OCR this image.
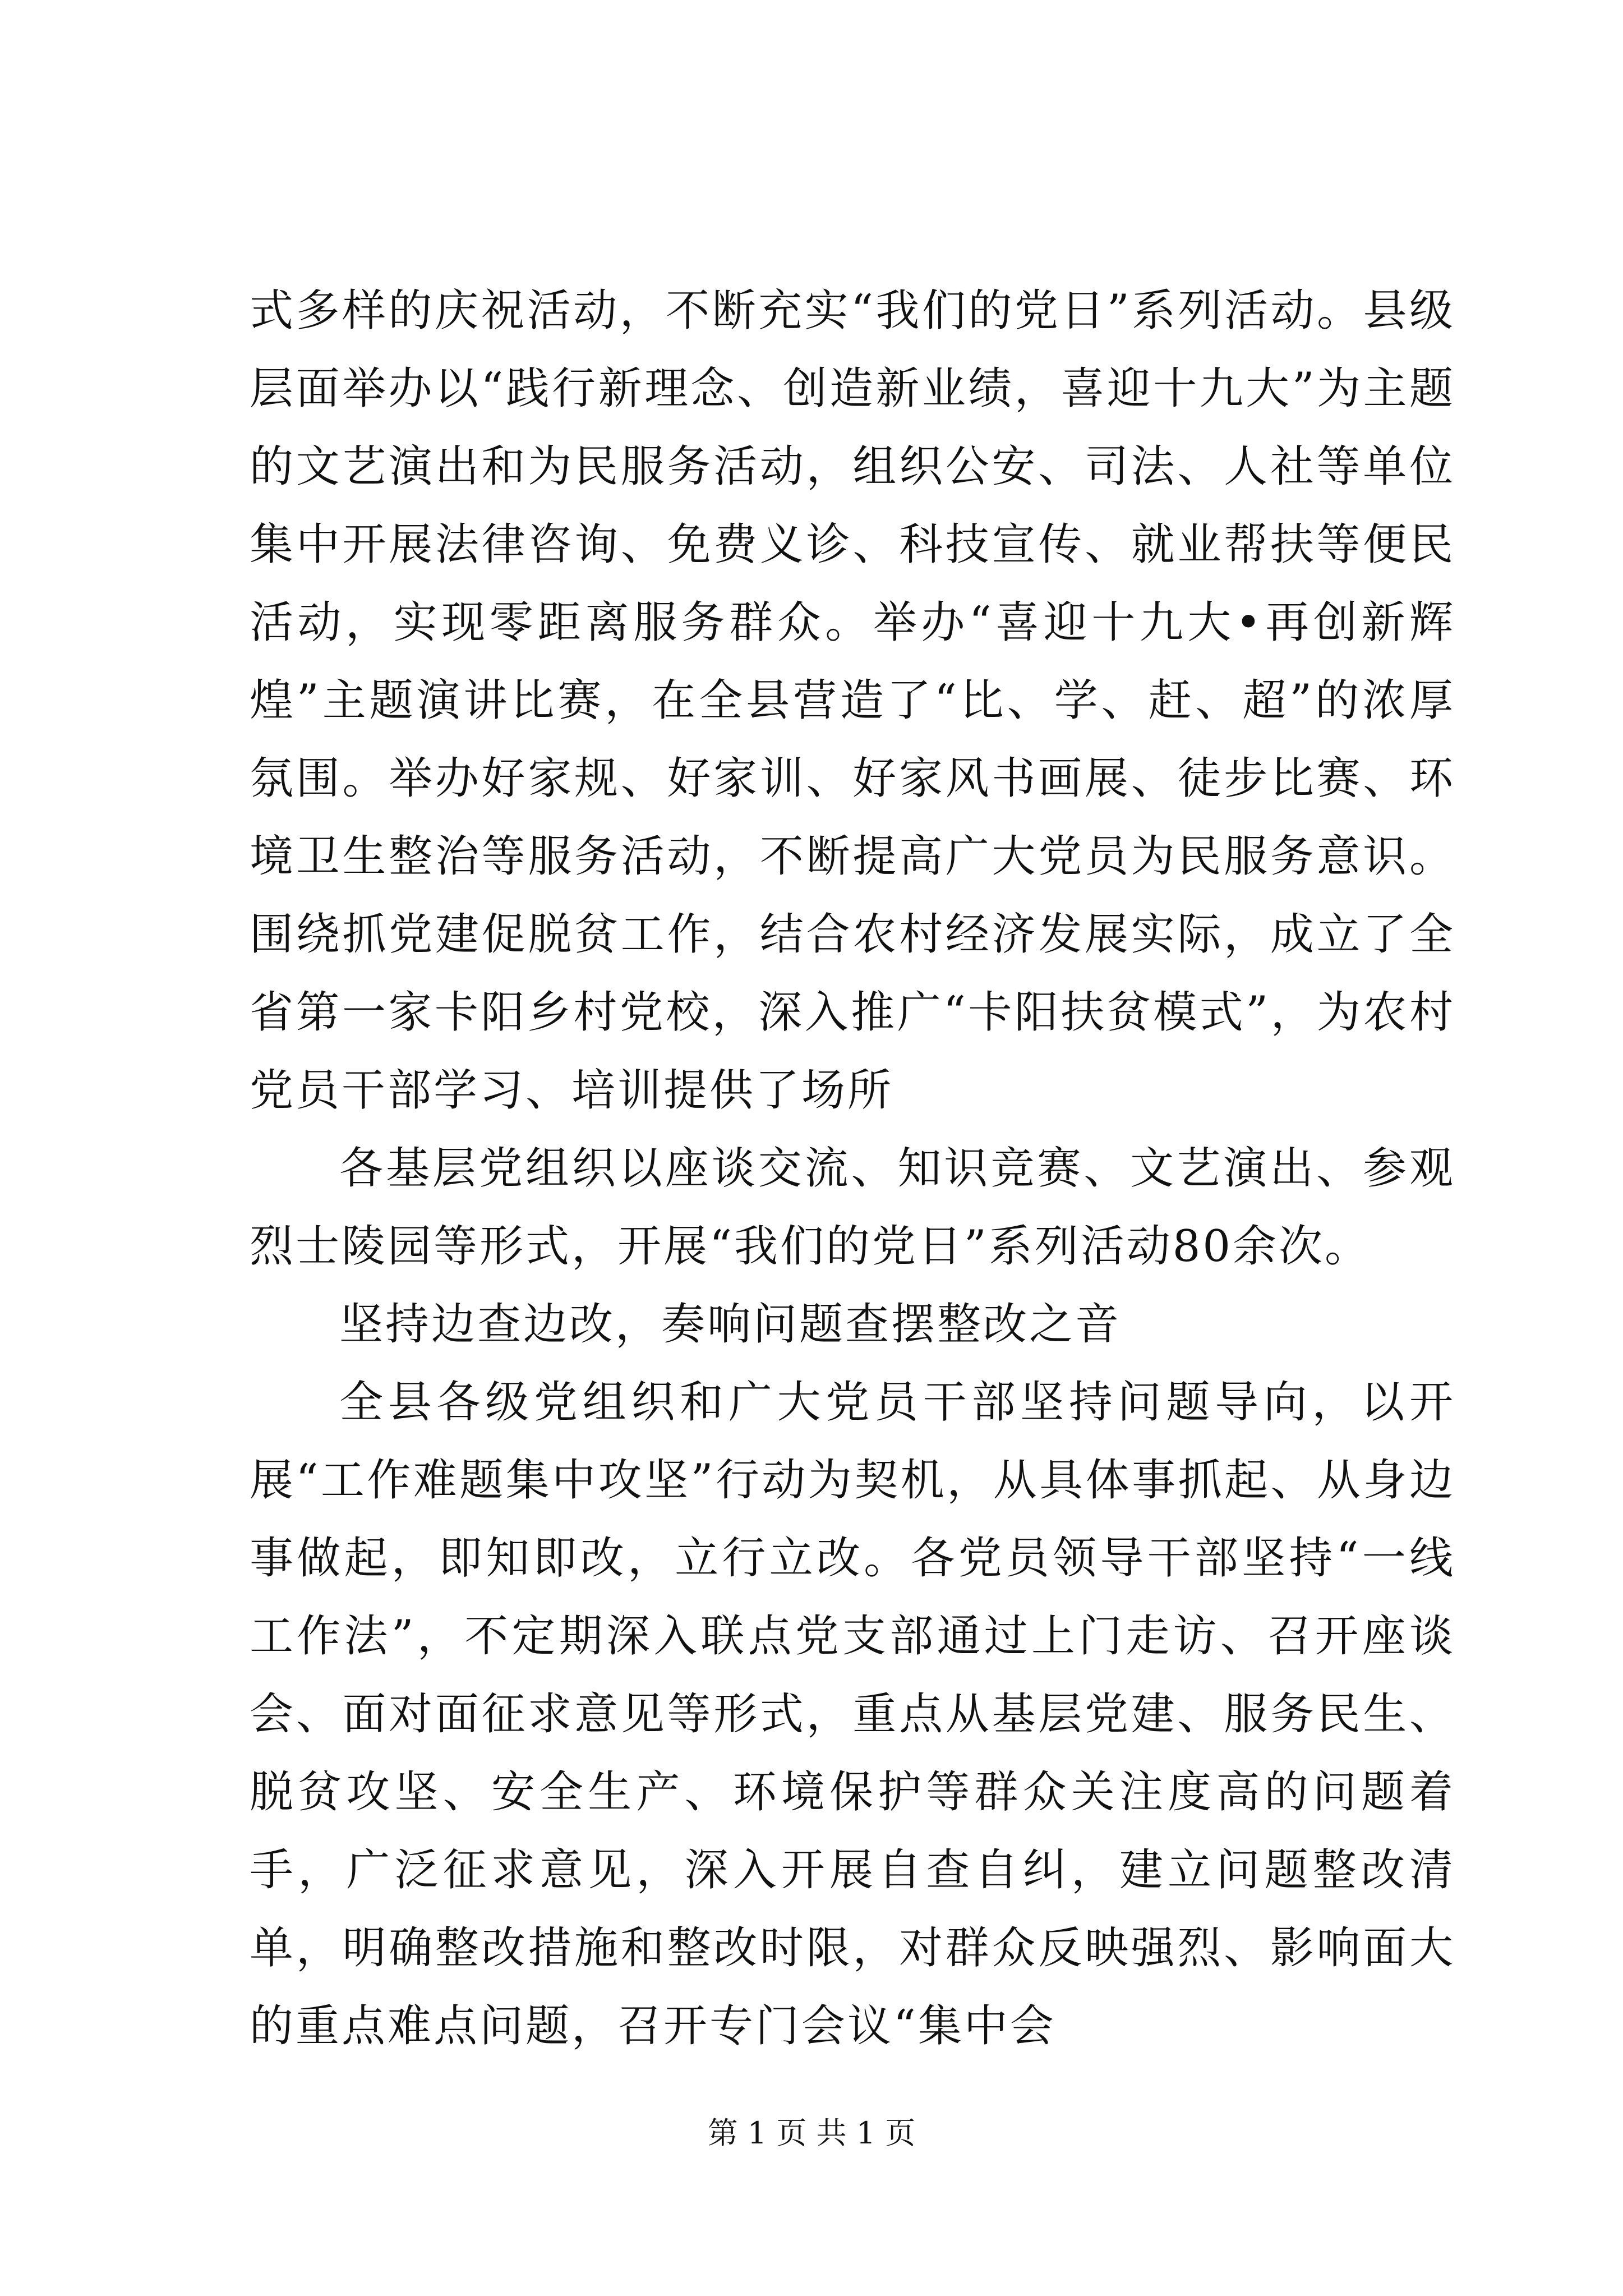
式多样的庆祝活动，不断充实“我们的党日”系列活动。县级层面举办以“践行新理念、创造新业绩，喜迎十九大”为主题的文艺演出和为民服务活动，组织公安、司法、人社等单位集中开展法律咨询、免费义诊、科技宣传、就业帮扶等便民活动，实现零距离服务群众。举办“喜迎十九大•再创新辉煌”主题演讲比赛，在全县营造了“比、学、赶、超”的浓厚氛围。举办好家规、好家训、好家风书画展、徒步比赛、环境卫生整治等服务活动，不断提高广大党员为民服务意识。围绕抓党建促脱贫工作，结合农村经济发展实际，成立了全省第一家卡阳乡村党校，深入推广“卡阳扶贫模式”，为农村党员干部学习、培训提供了场所

各基层党组织以座谈交流、知识竞赛、文艺演出、参观烈士陵园等形式，开展“我们的党日”系列活动80余次。

坚持边查边改，奏响问题查摆整改之音

全县各级党组织和广大党员干部坚持问题导向，以开展“工作难题集中攻坚”行动为契机，从具体事抓起、从身边事做起，即知即改，立行立改。各党员领导干部坚持“一线工作法”，不定期深入联点党支部通过上门走访、召开座谈会、面对面征求意见等形式，重点从基层党建、服务民生、脱贫攻坚、安全生产、环境保护等群众关注度高的问题着手，广泛征求意见，深入开展自查自纠，建立问题整改清单，明确整改措施和整改时限，对群众反映强烈、影响面大的重点难点问题，召开专门会议“集中会

第 1 页 共 1 页
